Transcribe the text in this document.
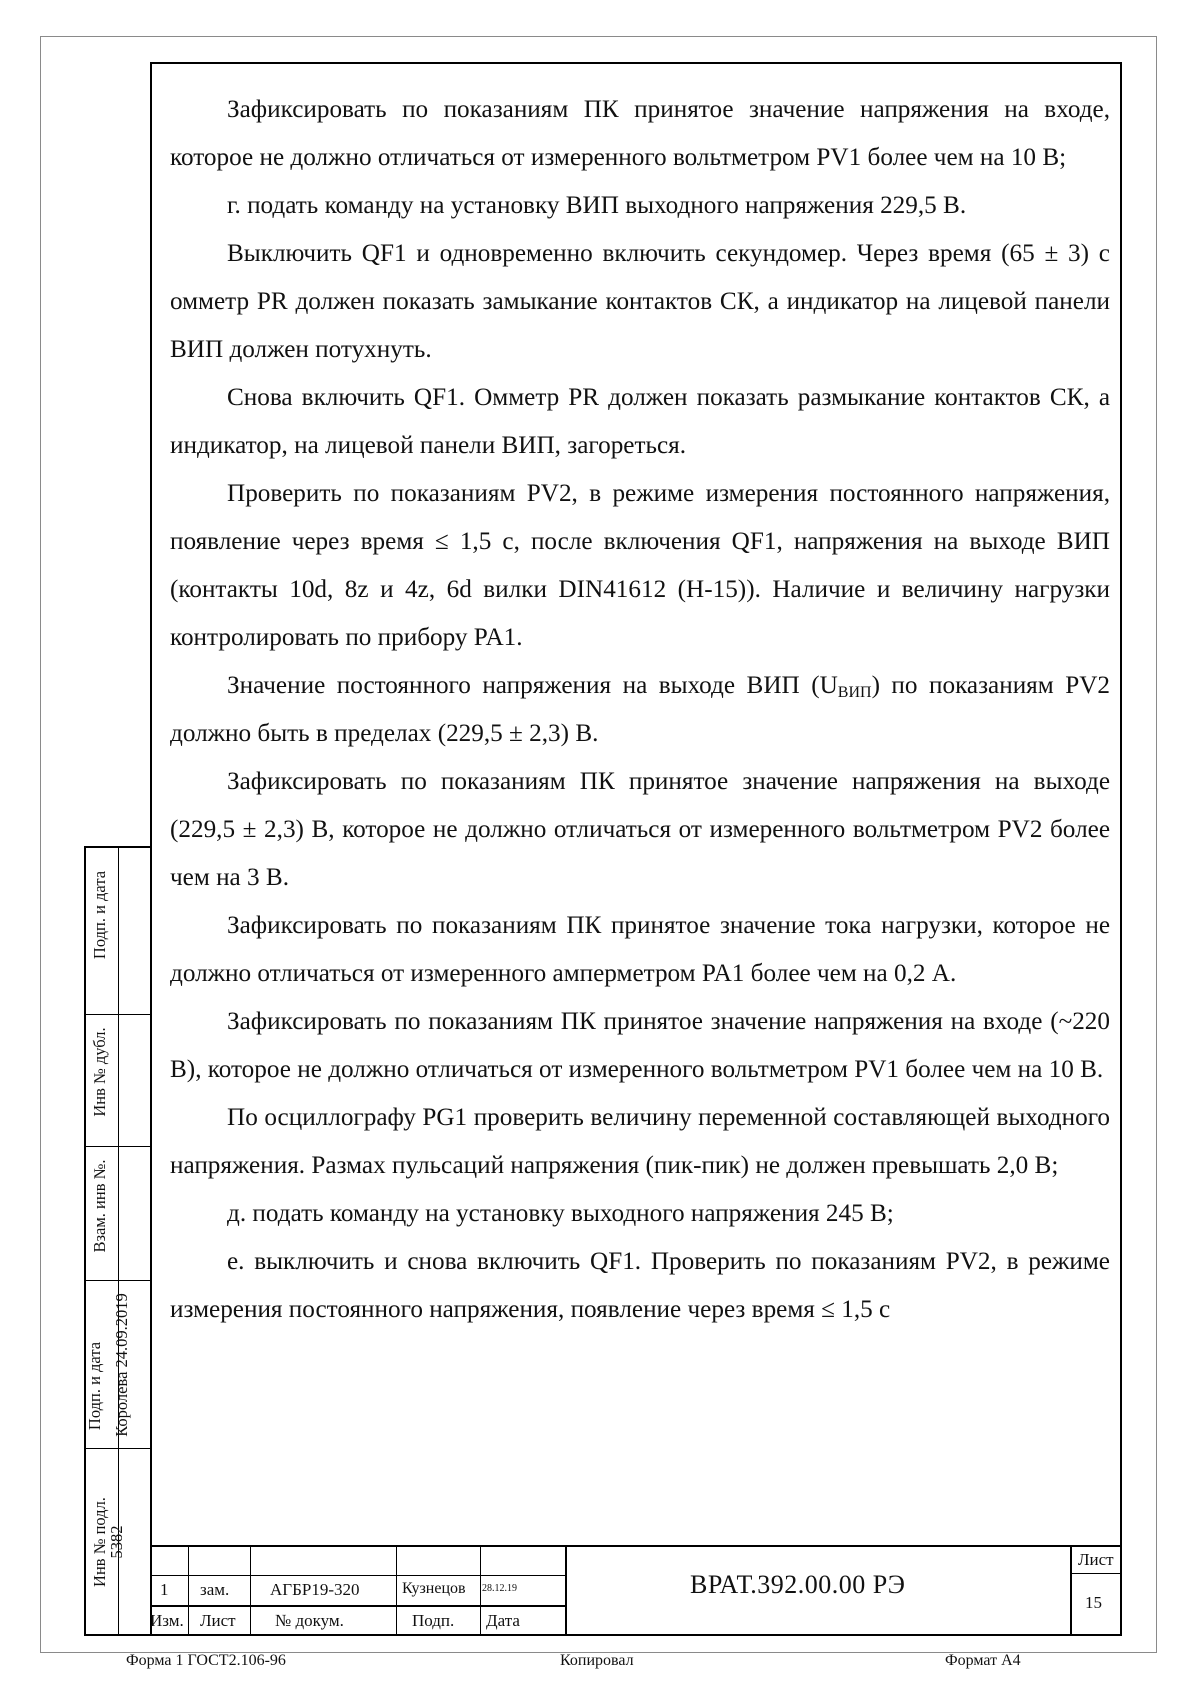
Зафиксировать по показаниям ПК принятое значение напряжения на входе, которое не должно отличаться от измеренного вольтметром PV1 более чем на 10 В;

г. подать команду на установку ВИП выходного напряжения 229,5 В.

Выключить QF1 и одновременно включить секундомер. Через время (65 ± 3) с омметр PR должен показать замыкание контактов СК, а индикатор на лицевой панели ВИП должен потухнуть.

Снова включить QF1. Омметр PR должен показать размыкание контактов СК, а индикатор, на лицевой панели ВИП, загореться.

Проверить по показаниям PV2, в режиме измерения постоянного напряжения, появление через время ≤ 1,5 с, после включения QF1, напряжения на выходе ВИП (контакты 10d, 8z и 4z, 6d вилки DIN41612 (H-15)). Наличие и величину нагрузки контролировать по прибору PA1.

Значение постоянного напряжения на выходе ВИП $(U_{ВИП})$ по показаниям PV2 должно быть в пределах (229,5 ± 2,3) В.

Зафиксировать по показаниям ПК принятое значение напряжения на выходе (229,5 ± 2,3) В, которое не должно отличаться от измеренного вольтметром PV2 более чем на 3 В.

Зафиксировать по показаниям ПК принятое значение тока нагрузки, которое не должно отличаться от измеренного амперметром PA1 более чем на 0,2 А.

Зафиксировать по показаниям ПК принятое значение напряжения на входе (~220 В), которое не должно отличаться от измеренного вольтметром PV1 более чем на 10 В.

По осциллографу PG1 проверить величину переменной составляющей выходного напряжения. Размах пульсаций напряжения (пик-пик) не должен превышать 2,0 В;

д. подать команду на установку выходного напряжения 245 В;

е. выключить и снова включить QF1. Проверить по показаниям PV2, в режиме измерения постоянного напряжения, появление через время ≤ 1,5 с

Подп. и дата
Инв № дубл.
Взам. инв №.
Подп. и дата Королева 24.09.2019
Инв № подл.
5382
1 зам. АГБР19-320	Кузнецов 28.12.19
Изм. Лист № докум.	Подп. Дата
Лист
15
ВРАТ.392.00.00 РЭ
Форма 1 ГОСТ2.106-96	Копировал	Формат А4
